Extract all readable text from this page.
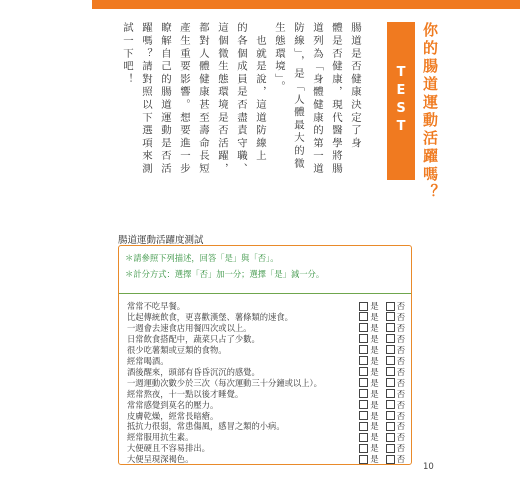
腸道是否健康決定了身

體是否健康，現代醫學將腸

道列為「身體健康的第一道

防線」，是「人體最大的微

生態環境」。

　也就是說，這道防線上

的各個成員是否盡責守職、

這個微生態環境是否活躍，

都對人體健康甚至壽命長短

產生重要影響。想要進一步

瞭解自己的腸道運動是否活

躍嗎？請對照以下選項來測

試一下吧！

TEST 你的腸道運動活躍嗎？
腸道運動活躍度測試
＊請參照下列描述，回答「是」與「否」。
＊計分方式：選擇「否」加一分；選擇「是」減一分。
常常不吃早餐。	是 否
比起傳統飲食，更喜歡漢堡、薯條類的速食。	是 否
一週會去速食店用餐四次或以上。	是 否
日常飲食搭配中，蔬菜只占了少數。	是 否
很少吃薯類或豆類的食物。	是 否
經常喝酒。	是 否
酒後醒來，頭部有昏昏沉沉的感覺。	是 否
一週運動次數少於三次（每次運動三十分鐘或以上）。	是 否
經常熬夜，十一點以後才睡覺。	是 否
常常感覺到莫名的壓力。	是 否
皮膚乾燥，經常長暗瘡。	是 否
抵抗力很弱，常患傷風，感冒之類的小病。	是 否
經常服用抗生素。	是 否
大便硬且不容易排出。	是 否
大便呈現深褐色。	是 否
10
